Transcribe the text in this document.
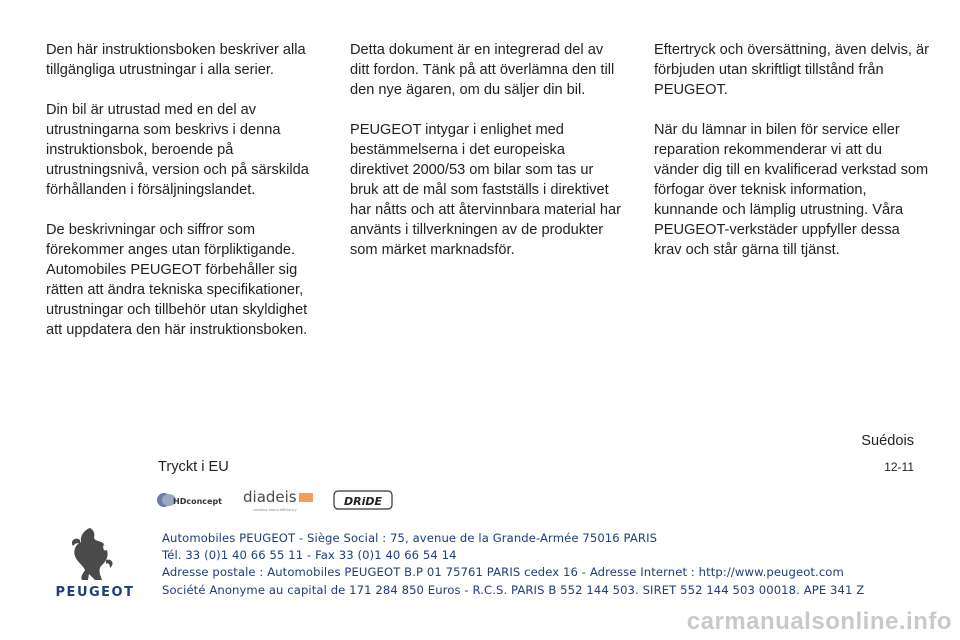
Den här instruktionsboken beskriver alla tillgängliga utrustningar i alla serier.

Din bil är utrustad med en del av utrustningarna som beskrivs i denna instruktionsbok, beroende på utrustningsnivå, version och på särskilda förhållanden i försäljningslandet.

De beskrivningar och siffror som förekommer anges utan förpliktigande. Automobiles PEUGEOT förbehåller sig rätten att ändra tekniska specifikationer, utrustningar och tillbehör utan skyldighet att uppdatera den här instruktionsboken.

Detta dokument är en integrerad del av ditt fordon. Tänk på att överlämna den till den nye ägaren, om du säljer din bil.

PEUGEOT intygar i enlighet med bestämmelserna i det europeiska direktivet 2000/53 om bilar som tas ur bruk att de mål som fastställs i direktivet har nåtts och att återvinnbara material har använts i tillverkningen av de produkter som märket marknadsför.

Eftertryck och översättning, även delvis, är förbjuden utan skriftligt tillstånd från PEUGEOT.

När du lämnar in bilen för service eller reparation rekommenderar vi att du vänder dig till en kvalificerad verkstad som förfogar över teknisk information, kunnande och lämplig utrustning. Våra PEUGEOT-verkstäder uppfyller dessa krav och står gärna till tjänst.

Suédois
Tryckt i EU	12-11
HDconcept diadeis
creating brand efficiency
DRiDE
PEUGEOT
Automobiles PEUGEOT - Siège Social : 75, avenue de la Grande-Armée 75016 PARIS
Tél. 33 (0)1 40 66 55 11 - Fax 33 (0)1 40 66 54 14
Adresse postale : Automobiles PEUGEOT B.P 01 75761 PARIS cedex 16 - Adresse Internet : http://www.peugeot.com
Société Anonyme au capital de 171 284 850 Euros - R.C.S. PARIS B 552 144 503. SIRET 552 144 503 00018. APE 341 Z
carmanualsonline.info
